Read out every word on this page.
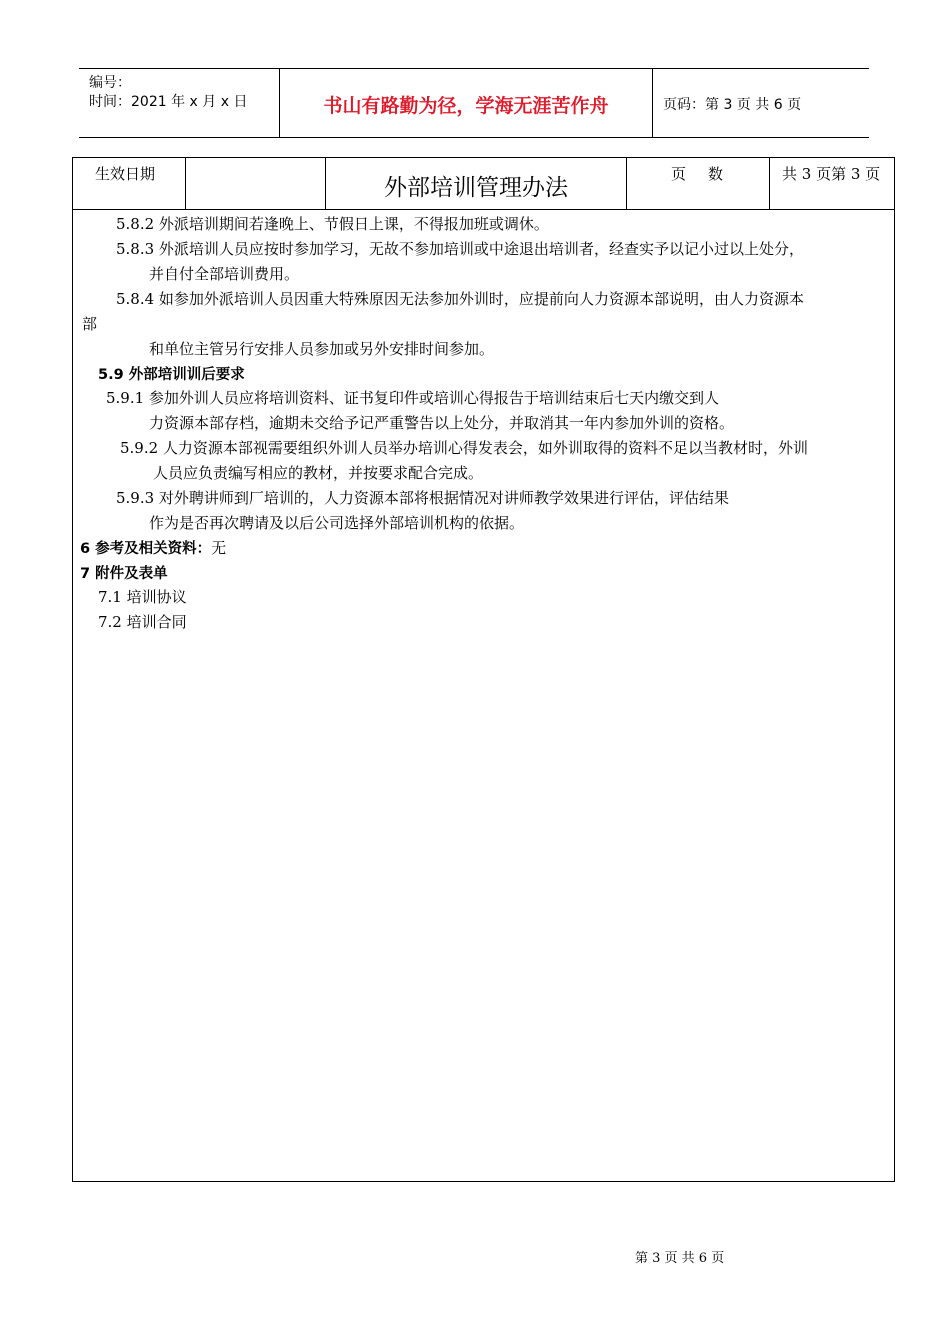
编号：
时间：2021 年 x 月 x 日	书山有路勤为径，学海无涯苦作舟	页码：第 3 页 共 6 页
生效日期
外部培训管理办法
页数 共 3 页第 3 页
5.8.2 外派培训期间若逢晚上、节假日上课，不得报加班或调休。
5.8.3 外派培训人员应按时参加学习，无故不参加培训或中途退出培训者，经查实予以记小过以上处分，
并自付全部培训费用。
5.8.4 如参加外派培训人员因重大特殊原因无法参加外训时，应提前向人力资源本部说明，由人力资源本
部
和单位主管另行安排人员参加或另外安排时间参加。
5.9 外部培训训后要求
5.9.1 参加外训人员应将培训资料、证书复印件或培训心得报告于培训结束后七天内缴交到人
力资源本部存档，逾期未交给予记严重警告以上处分，并取消其一年内参加外训的资格。
5.9.2 人力资源本部视需要组织外训人员举办培训心得发表会，如外训取得的资料不足以当教材时，外训
人员应负责编写相应的教材，并按要求配合完成。
5.9.3 对外聘讲师到厂培训的，人力资源本部将根据情况对讲师教学效果进行评估，评估结果
作为是否再次聘请及以后公司选择外部培训机构的依据。
6 参考及相关资料：无
7 附件及表单
7.1 培训协议
7.2 培训合同
第 3 页 共 6 页
